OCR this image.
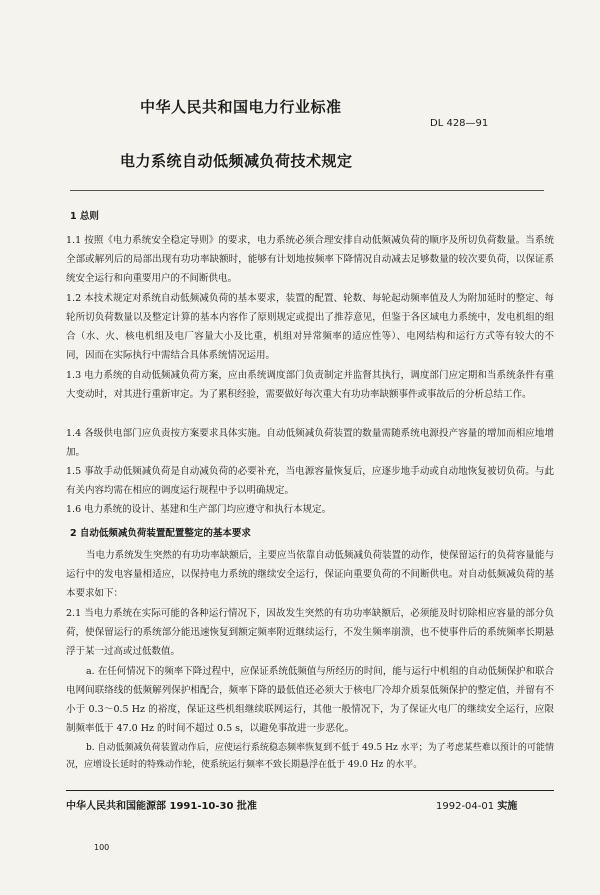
中华人民共和国电力行业标准
DL 428—91
电力系统自动低频减负荷技术规定
1 总则
1.1 按照《电力系统安全稳定导则》的要求，电力系统必须合理安排自动低频减负荷的顺序及所切负荷数量。当系统全部或解列后的局部出现有功功率缺额时，能够有计划地按频率下降情况自动减去足够数量的较次要负荷，以保证系统安全运行和向重要用户的不间断供电。
1.2 本技术规定对系统自动低频减负荷的基本要求，装置的配置、轮数、每轮起动频率值及人为附加延时的整定、每轮所切负荷数量以及整定计算的基本内容作了原则规定或提出了推荐意见，但鉴于各区域电力系统中，发电机组的组合（水、火、核电机组及电厂容量大小及比重，机组对异常频率的适应性等）、电网结构和运行方式等有较大的不同，因而在实际执行中需结合具体系统情况运用。
1.3 电力系统的自动低频减负荷方案，应由系统调度部门负责制定并监督其执行，调度部门应定期和当系统条件有重大变动时，对其进行重新审定。为了累积经验，需要做好每次重大有功功率缺额事件或事故后的分析总结工作。
1.4 各级供电部门应负责按方案要求具体实施。自动低频减负荷装置的数量需随系统电源投产容量的增加而相应地增加。
1.5 事故手动低频减负荷是自动减负荷的必要补充，当电源容量恢复后，应逐步地手动或自动地恢复被切负荷。与此有关内容均需在相应的调度运行规程中予以明确规定。
1.6 电力系统的设计、基建和生产部门均应遵守和执行本规定。
2 自动低频减负荷装置配置整定的基本要求
当电力系统发生突然的有功功率缺额后，主要应当依靠自动低频减负荷装置的动作，使保留运行的负荷容量能与运行中的发电容量相适应，以保持电力系统的继续安全运行，保证向重要负荷的不间断供电。对自动低频减负荷的基本要求如下：
2.1 当电力系统在实际可能的各种运行情况下，因故发生突然的有功功率缺额后，必须能及时切除相应容量的部分负荷，使保留运行的系统部分能迅速恢复到额定频率附近继续运行，不发生频率崩溃，也不使事件后的系统频率长期悬浮于某一过高或过低数值。
a. 在任何情况下的频率下降过程中，应保证系统低频值与所经历的时间，能与运行中机组的自动低频保护和联合电网间联络线的低频解列保护相配合，频率下降的最低值还必须大于核电厂冷却介质泵低频保护的整定值，并留有不小于 0.3～0.5 Hz 的裕度，保证这些机组继续联网运行，其他一般情况下，为了保证火电厂的继续安全运行，应限制频率低于 47.0 Hz 的时间不超过 0.5 s，以避免事故进一步恶化。
b. 自动低频减负荷装置动作后，应使运行系统稳态频率恢复到不低于 49.5 Hz 水平；为了考虑某些难以预计的可能情况，应增设长延时的特殊动作轮，使系统运行频率不致长期悬浮在低于 49.0 Hz 的水平。
中华人民共和国能源部 1991-10-30 批准	1992-04-01 实施
100
